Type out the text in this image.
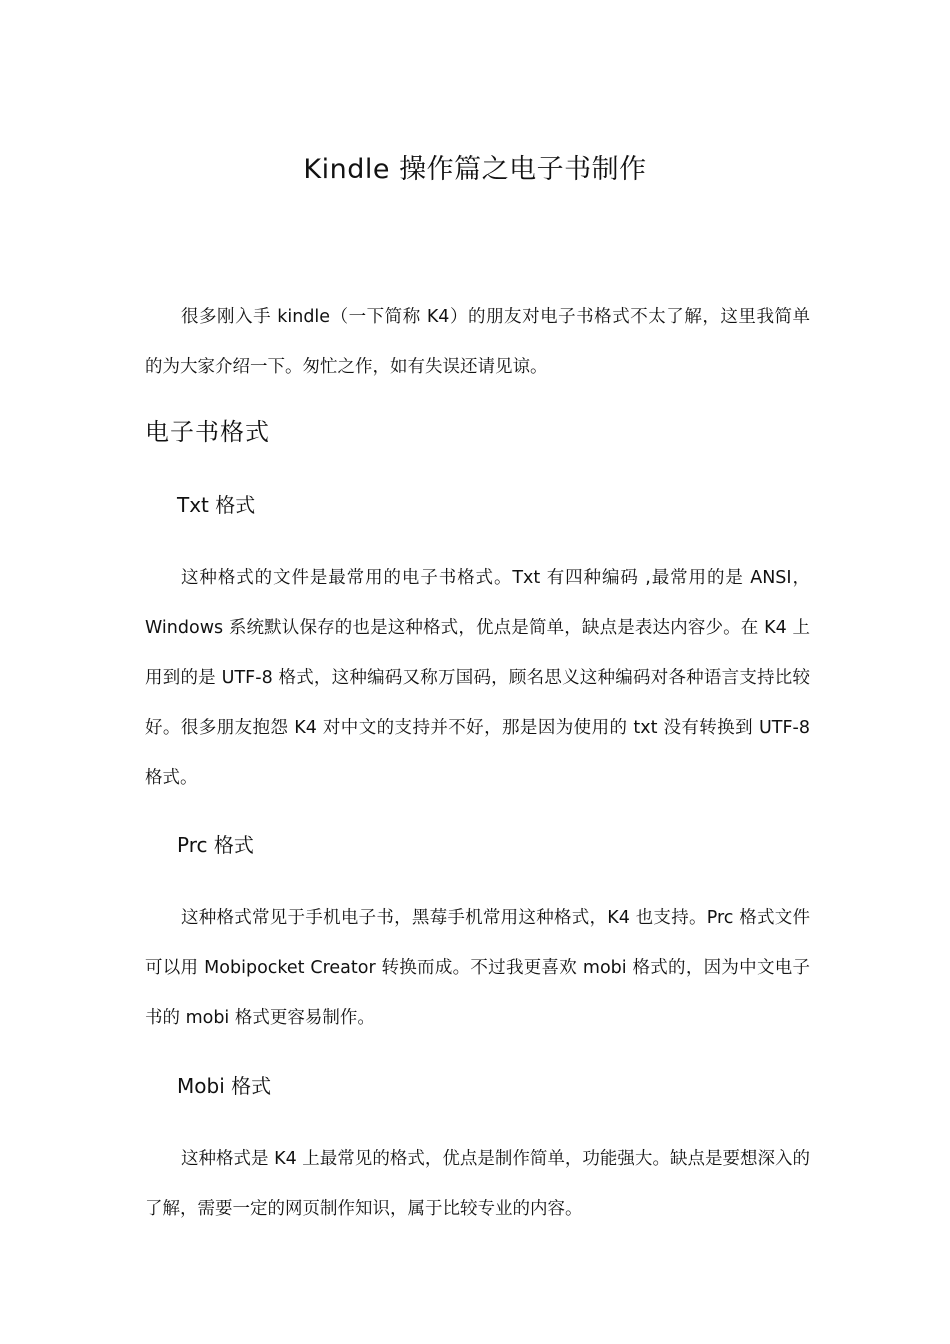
Kindle 操作篇之电子书制作

很多刚入手 kindle（一下简称 K4）的朋友对电子书格式不太了解，这里我简单的为大家介绍一下。匆忙之作，如有失误还请见谅。

电子书格式
Txt 格式

这种格式的文件是最常用的电子书格式。Txt 有四种编码 ,最常用的是 ANSI，Windows 系统默认保存的也是这种格式，优点是简单，缺点是表达内容少。在 K4 上用到的是 UTF-8 格式，这种编码又称万国码，顾名思义这种编码对各种语言支持比较好。很多朋友抱怨 K4 对中文的支持并不好，那是因为使用的 txt 没有转换到 UTF-8 格式。

Prc 格式

这种格式常见于手机电子书，黑莓手机常用这种格式，K4 也支持。Prc 格式文件可以用 Mobipocket Creator 转换而成。不过我更喜欢 mobi 格式的，因为中文电子书的 mobi 格式更容易制作。

Mobi 格式

这种格式是 K4 上最常见的格式，优点是制作简单，功能强大。缺点是要想深入的了解，需要一定的网页制作知识，属于比较专业的内容。
